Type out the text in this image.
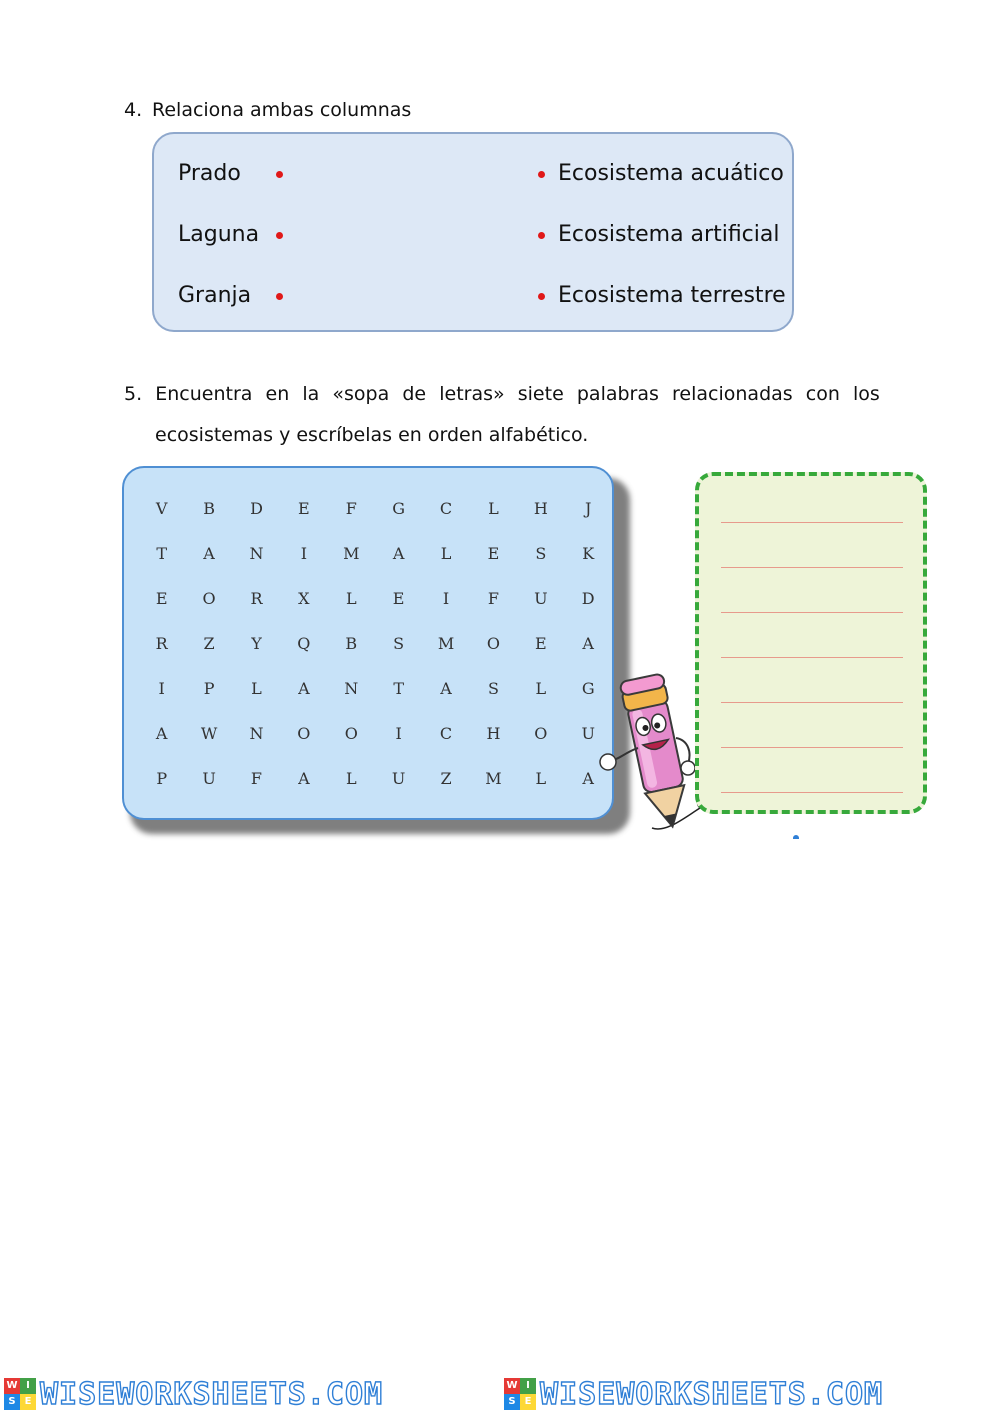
4. Relaciona ambas columnas
Prado	Ecosistema acuático
Laguna	Ecosistema artificial
Granja	Ecosistema terrestre
5. Encuentra en la «sopa de letras» siete palabras relacionadas con los
ecosistemas y escríbelas en orden alfabético.
V	B	D	E	F	G	C	L	H	J
T	A	N	I	M	A	L	E	S	K
E	O	R	X	L	E	I	F	U	D
R	Z	Y	Q	B	S	M	O	E	A
I	P	L	A	N	T	A	S	L	G
A	W	N	O	O	I	C	H	O	U
P	U	F	A	L	U	Z	M	L	A
W I
S E WISEWORKSHEETS.COM	W I
S E WISEWORKSHEETS.COM
